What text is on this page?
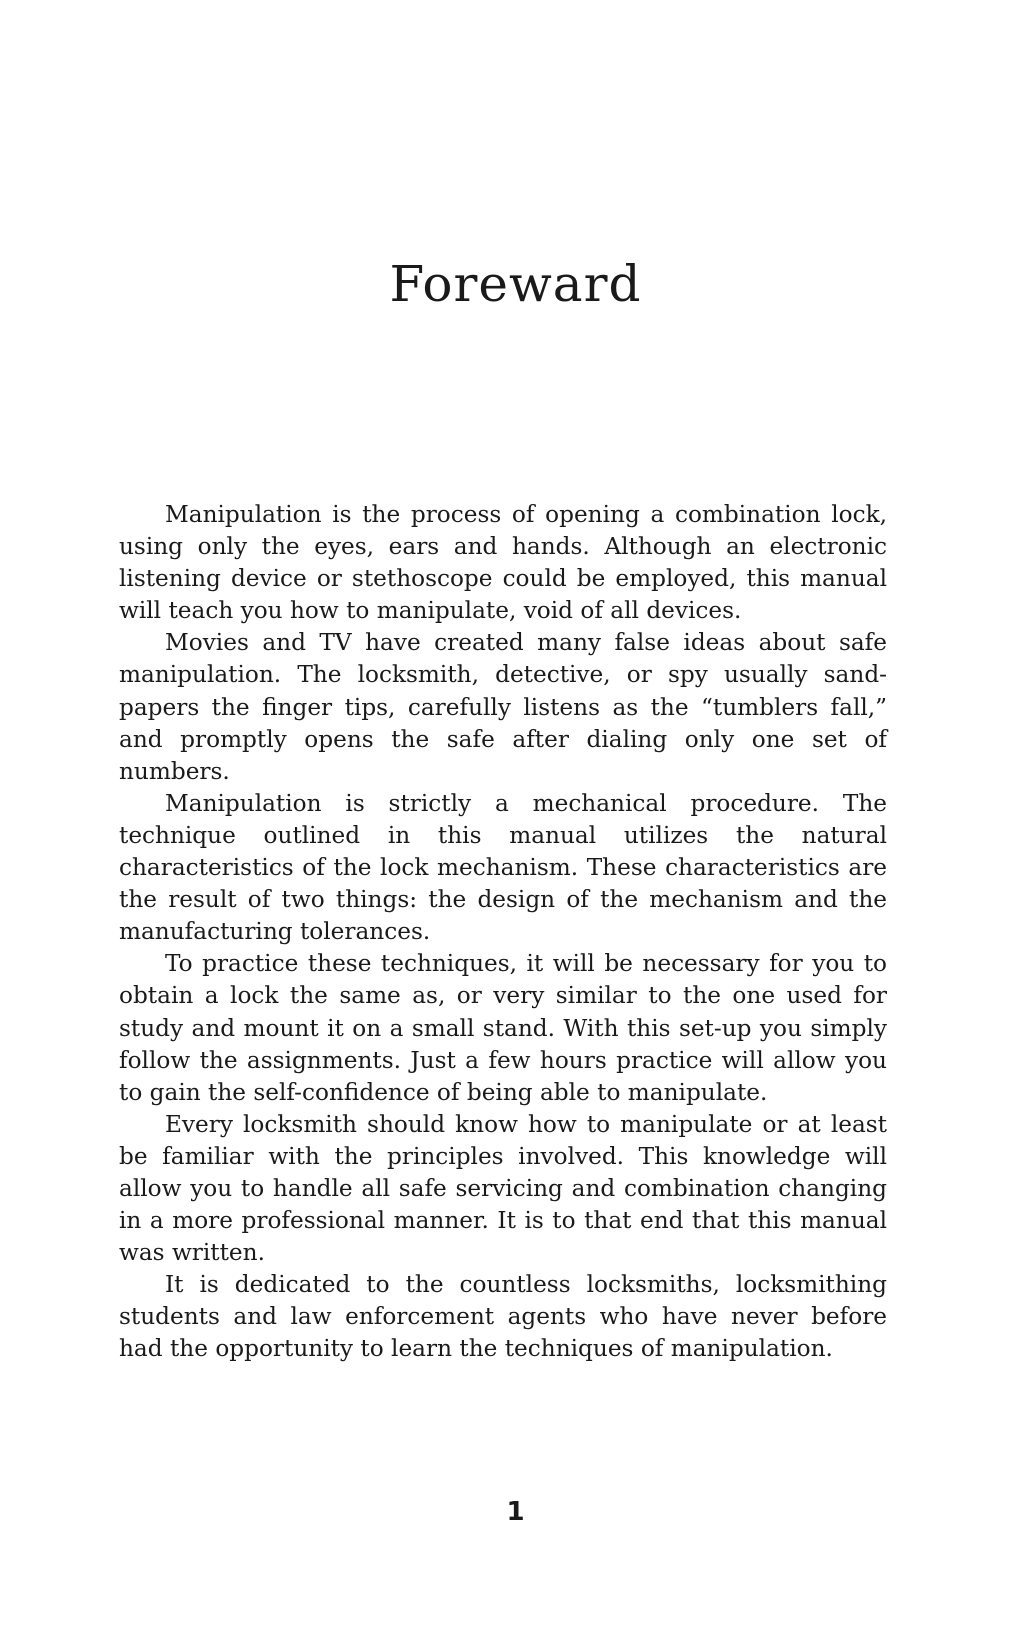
Foreward

Manipulation is the process of opening a combination lock, using only the eyes, ears and hands. Although an electronic listening device or stethoscope could be employed, this manual will teach you how to manipulate, void of all devices.

Movies and TV have created many false ideas about safe manipulation. The locksmith, detective, or spy usually sand-papers the finger tips, carefully listens as the “tumblers fall,” and promptly opens the safe after dialing only one set of numbers.

Manipulation is strictly a mechanical procedure. The technique outlined in this manual utilizes the natural characteristics of the lock mechanism. These characteristics are the result of two things: the design of the mechanism and the manufacturing tolerances.

To practice these techniques, it will be necessary for you to obtain a lock the same as, or very similar to the one used for study and mount it on a small stand. With this set-up you simply follow the assignments. Just a few hours practice will allow you to gain the self-confidence of being able to manipulate.

Every locksmith should know how to manipulate or at least be familiar with the principles involved. This knowledge will allow you to handle all safe servicing and combination changing in a more professional manner. It is to that end that this manual was written.

It is dedicated to the countless locksmiths, locksmithing students and law enforcement agents who have never before had the opportunity to learn the techniques of manipulation.

1
